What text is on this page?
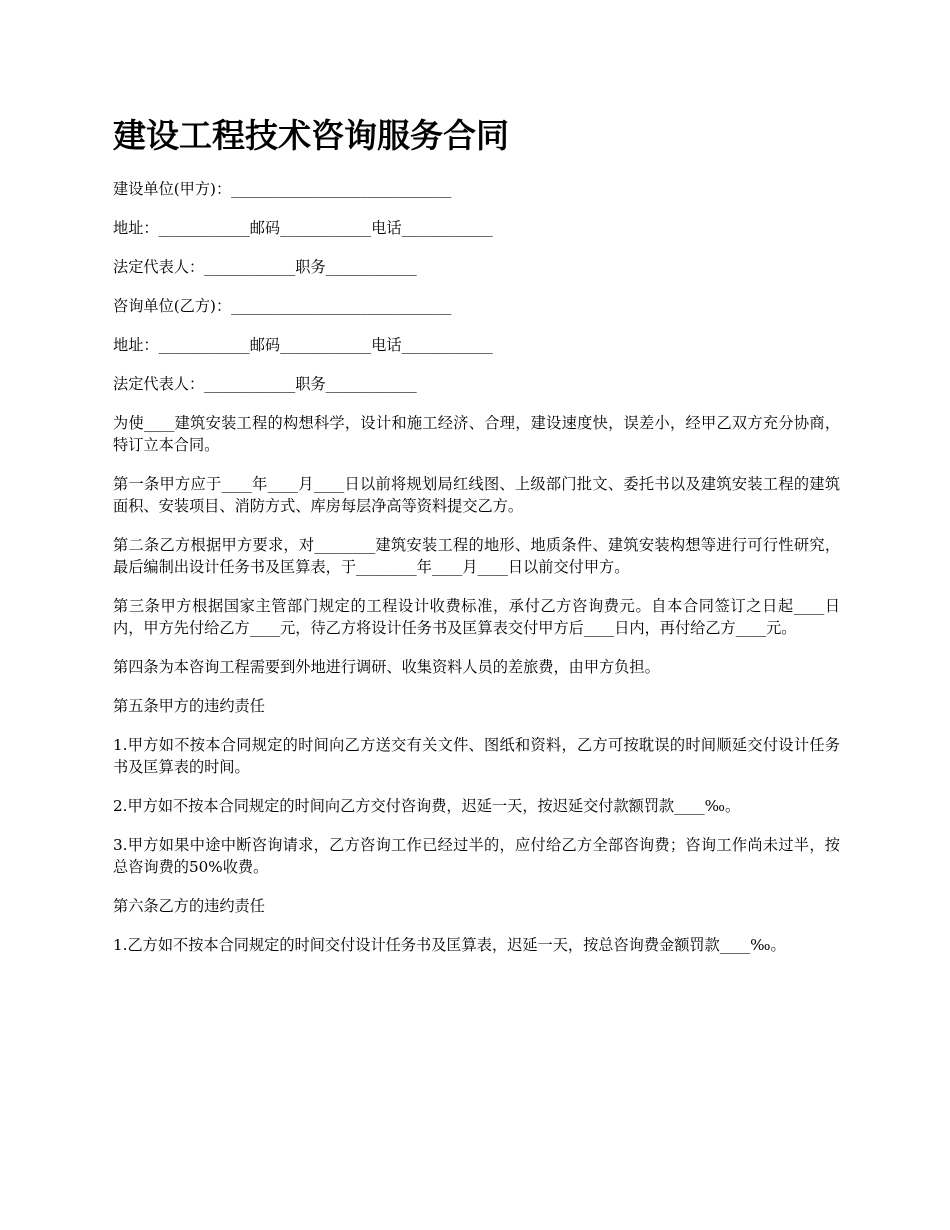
建设工程技术咨询服务合同

建设单位(甲方)：_____________________________

地址：____________邮码____________电话____________

法定代表人：____________职务____________

咨询单位(乙方)：_____________________________

地址：____________邮码____________电话____________

法定代表人：____________职务____________

为使____建筑安装工程的构想科学，设计和施工经济、合理，建设速度快，误差小，经甲乙双方充分协商，特订立本合同。

第一条甲方应于____年____月____日以前将规划局红线图、上级部门批文、委托书以及建筑安装工程的建筑面积、安装项目、消防方式、库房每层净高等资料提交乙方。

第二条乙方根据甲方要求，对________建筑安装工程的地形、地质条件、建筑安装构想等进行可行性研究，最后编制出设计任务书及匡算表，于________年____月____日以前交付甲方。

第三条甲方根据国家主管部门规定的工程设计收费标准，承付乙方咨询费元。自本合同签订之日起____日内，甲方先付给乙方____元，待乙方将设计任务书及匡算表交付甲方后____日内，再付给乙方____元。

第四条为本咨询工程需要到外地进行调研、收集资料人员的差旅费，由甲方负担。

第五条甲方的违约责任

1.甲方如不按本合同规定的时间向乙方送交有关文件、图纸和资料，乙方可按耽误的时间顺延交付设计任务书及匡算表的时间。

2.甲方如不按本合同规定的时间向乙方交付咨询费，迟延一天，按迟延交付款额罚款____‰。

3.甲方如果中途中断咨询请求，乙方咨询工作已经过半的，应付给乙方全部咨询费；咨询工作尚未过半，按总咨询费的50%收费。

第六条乙方的违约责任

1.乙方如不按本合同规定的时间交付设计任务书及匡算表，迟延一天，按总咨询费金额罚款____‰。
